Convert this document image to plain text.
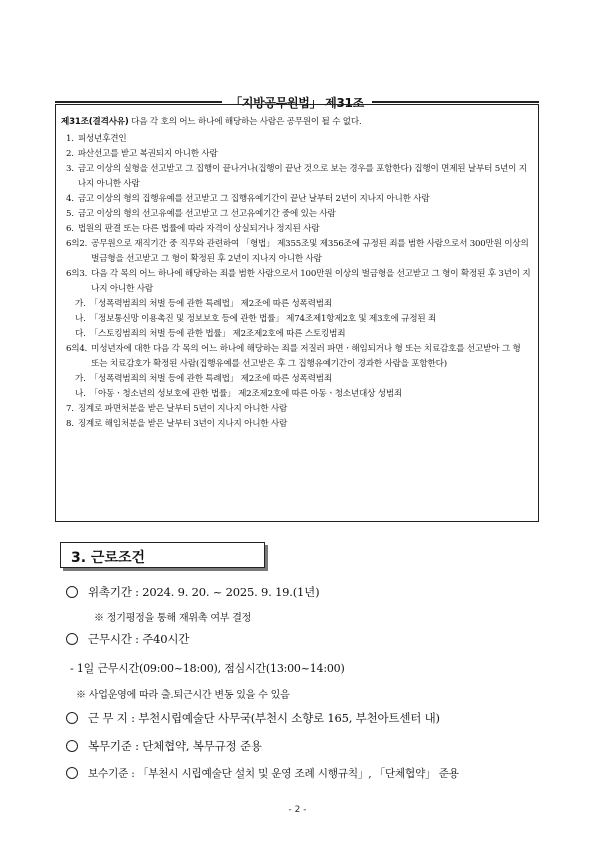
「지방공무원법」 제31조
제31조(결격사유) 다음 각 호의 어느 하나에 해당하는 사람은 공무원이 될 수 없다.
1. 피성년후견인
2. 파산선고를 받고 복권되지 아니한 사람
3. 금고 이상의 실형을 선고받고 그 집행이 끝나거나(집행이 끝난 것으로 보는 경우를 포함한다) 집행이 면제된 날부터 5년이 지나지 아니한 사람
4. 금고 이상의 형의 집행유예를 선고받고 그 집행유예기간이 끝난 날부터 2년이 지나지 아니한 사람
5. 금고 이상의 형의 선고유예를 선고받고 그 선고유예기간 중에 있는 사람
6. 법원의 판결 또는 다른 법률에 따라 자격이 상실되거나 정지된 사람
6의2. 공무원으로 재직기간 중 직무와 관련하여 「형법」 제355조및 제356조에 규정된 죄를 범한 사람으로서 300만원 이상의 벌금형을 선고받고 그 형이 확정된 후 2년이 지나지 아니한 사람
6의3. 다음 각 목의 어느 하나에 해당하는 죄를 범한 사람으로서 100만원 이상의 벌금형을 선고받고 그 형이 확정된 후 3년이 지나지 아니한 사람
가. 「성폭력범죄의 처벌 등에 관한 특례법」 제2조에 따른 성폭력범죄
나. 「정보통신망 이용촉진 및 정보보호 등에 관한 법률」 제74조제1항제2호 및 제3호에 규정된 죄
다. 「스토킹범죄의 처벌 등에 관한 법률」 제2조제2호에 따른 스토킹범죄
6의4. 미성년자에 대한 다음 각 목의 어느 하나에 해당하는 죄를 저질러 파면ㆍ해임되거나 형 또는 치료감호를 선고받아 그 형 또는 치료감호가 확정된 사람(집행유예를 선고받은 후 그 집행유예기간이 경과한 사람을 포함한다)
가. 「성폭력범죄의 처벌 등에 관한 특례법」 제2조에 따른 성폭력범죄
나. 「아동ㆍ청소년의 성보호에 관한 법률」 제2조제2호에 따른 아동ㆍ청소년대상 성범죄
7. 징계로 파면처분을 받은 날부터 5년이 지나지 아니한 사람
8. 징계로 해임처분을 받은 날부터 3년이 지나지 아니한 사람
3. 근로조건
위촉기간 : 2024. 9. 20. ~ 2025. 9. 19.(1년)
※ 정기평정을 통해 재위촉 여부 결정
근무시간 : 주40시간
- 1일 근무시간(09:00~18:00), 점심시간(13:00~14:00)
※ 사업운영에 따라 출․퇴근시간 변동 있을 수 있음
근 무 지 : 부천시립예술단 사무국(부천시 소향로 165, 부천아트센터 내)
복무기준 : 단체협약, 복무규정 준용
보수기준 : 「부천시 시립예술단 설치 및 운영 조례 시행규칙」, 「단체협약」 준용
- 2 -
